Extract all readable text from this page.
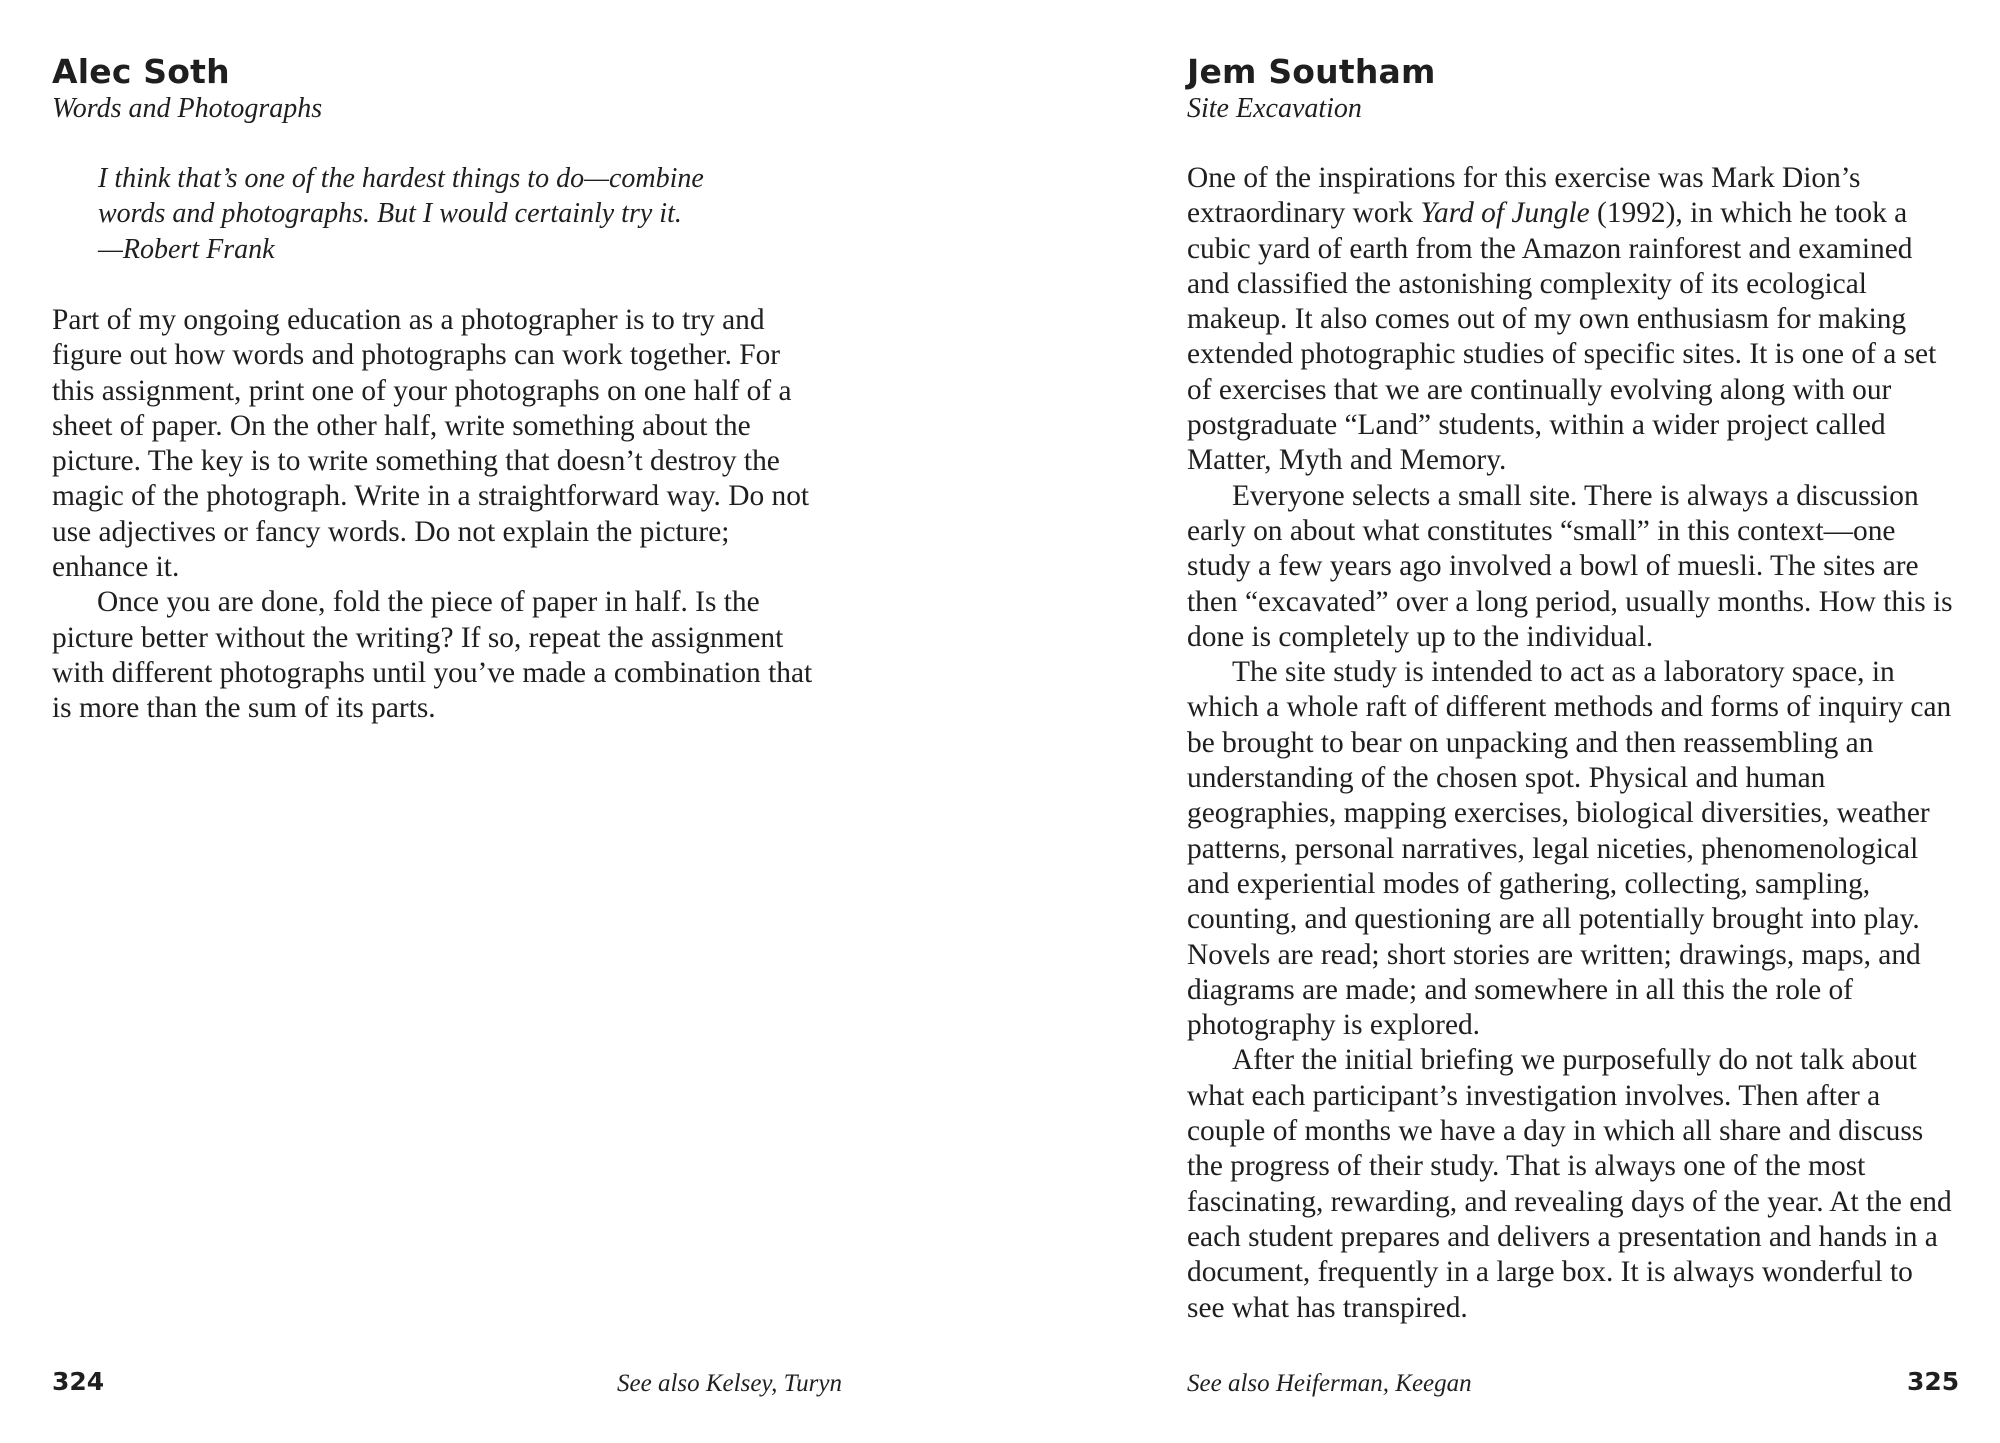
Alec Soth
Words and Photographs

I think that’s one of the hardest things to do—combine

words and photographs. But I would certainly try it.

—Robert Frank

Part of my ongoing education as a photographer is to try and figure out how words and photographs can work together. For this assignment, print one of your photographs on one half of a sheet of paper. On the other half, write something about the picture. The key is to write something that doesn’t destroy the magic of the photograph. Write in a straightforward way. Do not use adjectives or fancy words. Do not explain the picture; enhance it.

Once you are done, fold the piece of paper in half. Is the picture better without the writing? If so, repeat the assignment with different photographs until you’ve made a combination that is more than the sum of its parts.

324	See also Kelsey, Turyn
Jem Southam
Site Excavation

One of the inspirations for this exercise was Mark Dion’s extraordinary work Yard of Jungle (1992), in which he took a cubic yard of earth from the Amazon rainforest and examined and classified the astonishing complexity of its ecological makeup. It also comes out of my own enthusiasm for making extended photographic studies of specific sites. It is one of a set of exercises that we are continually evolving along with our postgraduate “Land” students, within a wider project called Matter, Myth and Memory.

Everyone selects a small site. There is always a discussion early on about what constitutes “small” in this context—one study a few years ago involved a bowl of muesli. The sites are then “excavated” over a long period, usually months. How this is done is completely up to the individual.

The site study is intended to act as a laboratory space, in which a whole raft of different methods and forms of inquiry can be brought to bear on unpacking and then reassembling an understanding of the chosen spot. Physical and human geographies, mapping exercises, biological diversities, weather patterns, personal narratives, legal niceties, phenomenological and experiential modes of gathering, collecting, sampling, counting, and questioning are all potentially brought into play. Novels are read; short stories are written; drawings, maps, and diagrams are made; and somewhere in all this the role of photography is explored.

After the initial briefing we purposefully do not talk about what each participant’s investigation involves. Then after a couple of months we have a day in which all share and discuss the progress of their study. That is always one of the most fascinating, rewarding, and revealing days of the year. At the end each student prepares and delivers a presentation and hands in a document, frequently in a large box. It is always wonderful to see what has transpired.

See also Heiferman, Keegan	325
